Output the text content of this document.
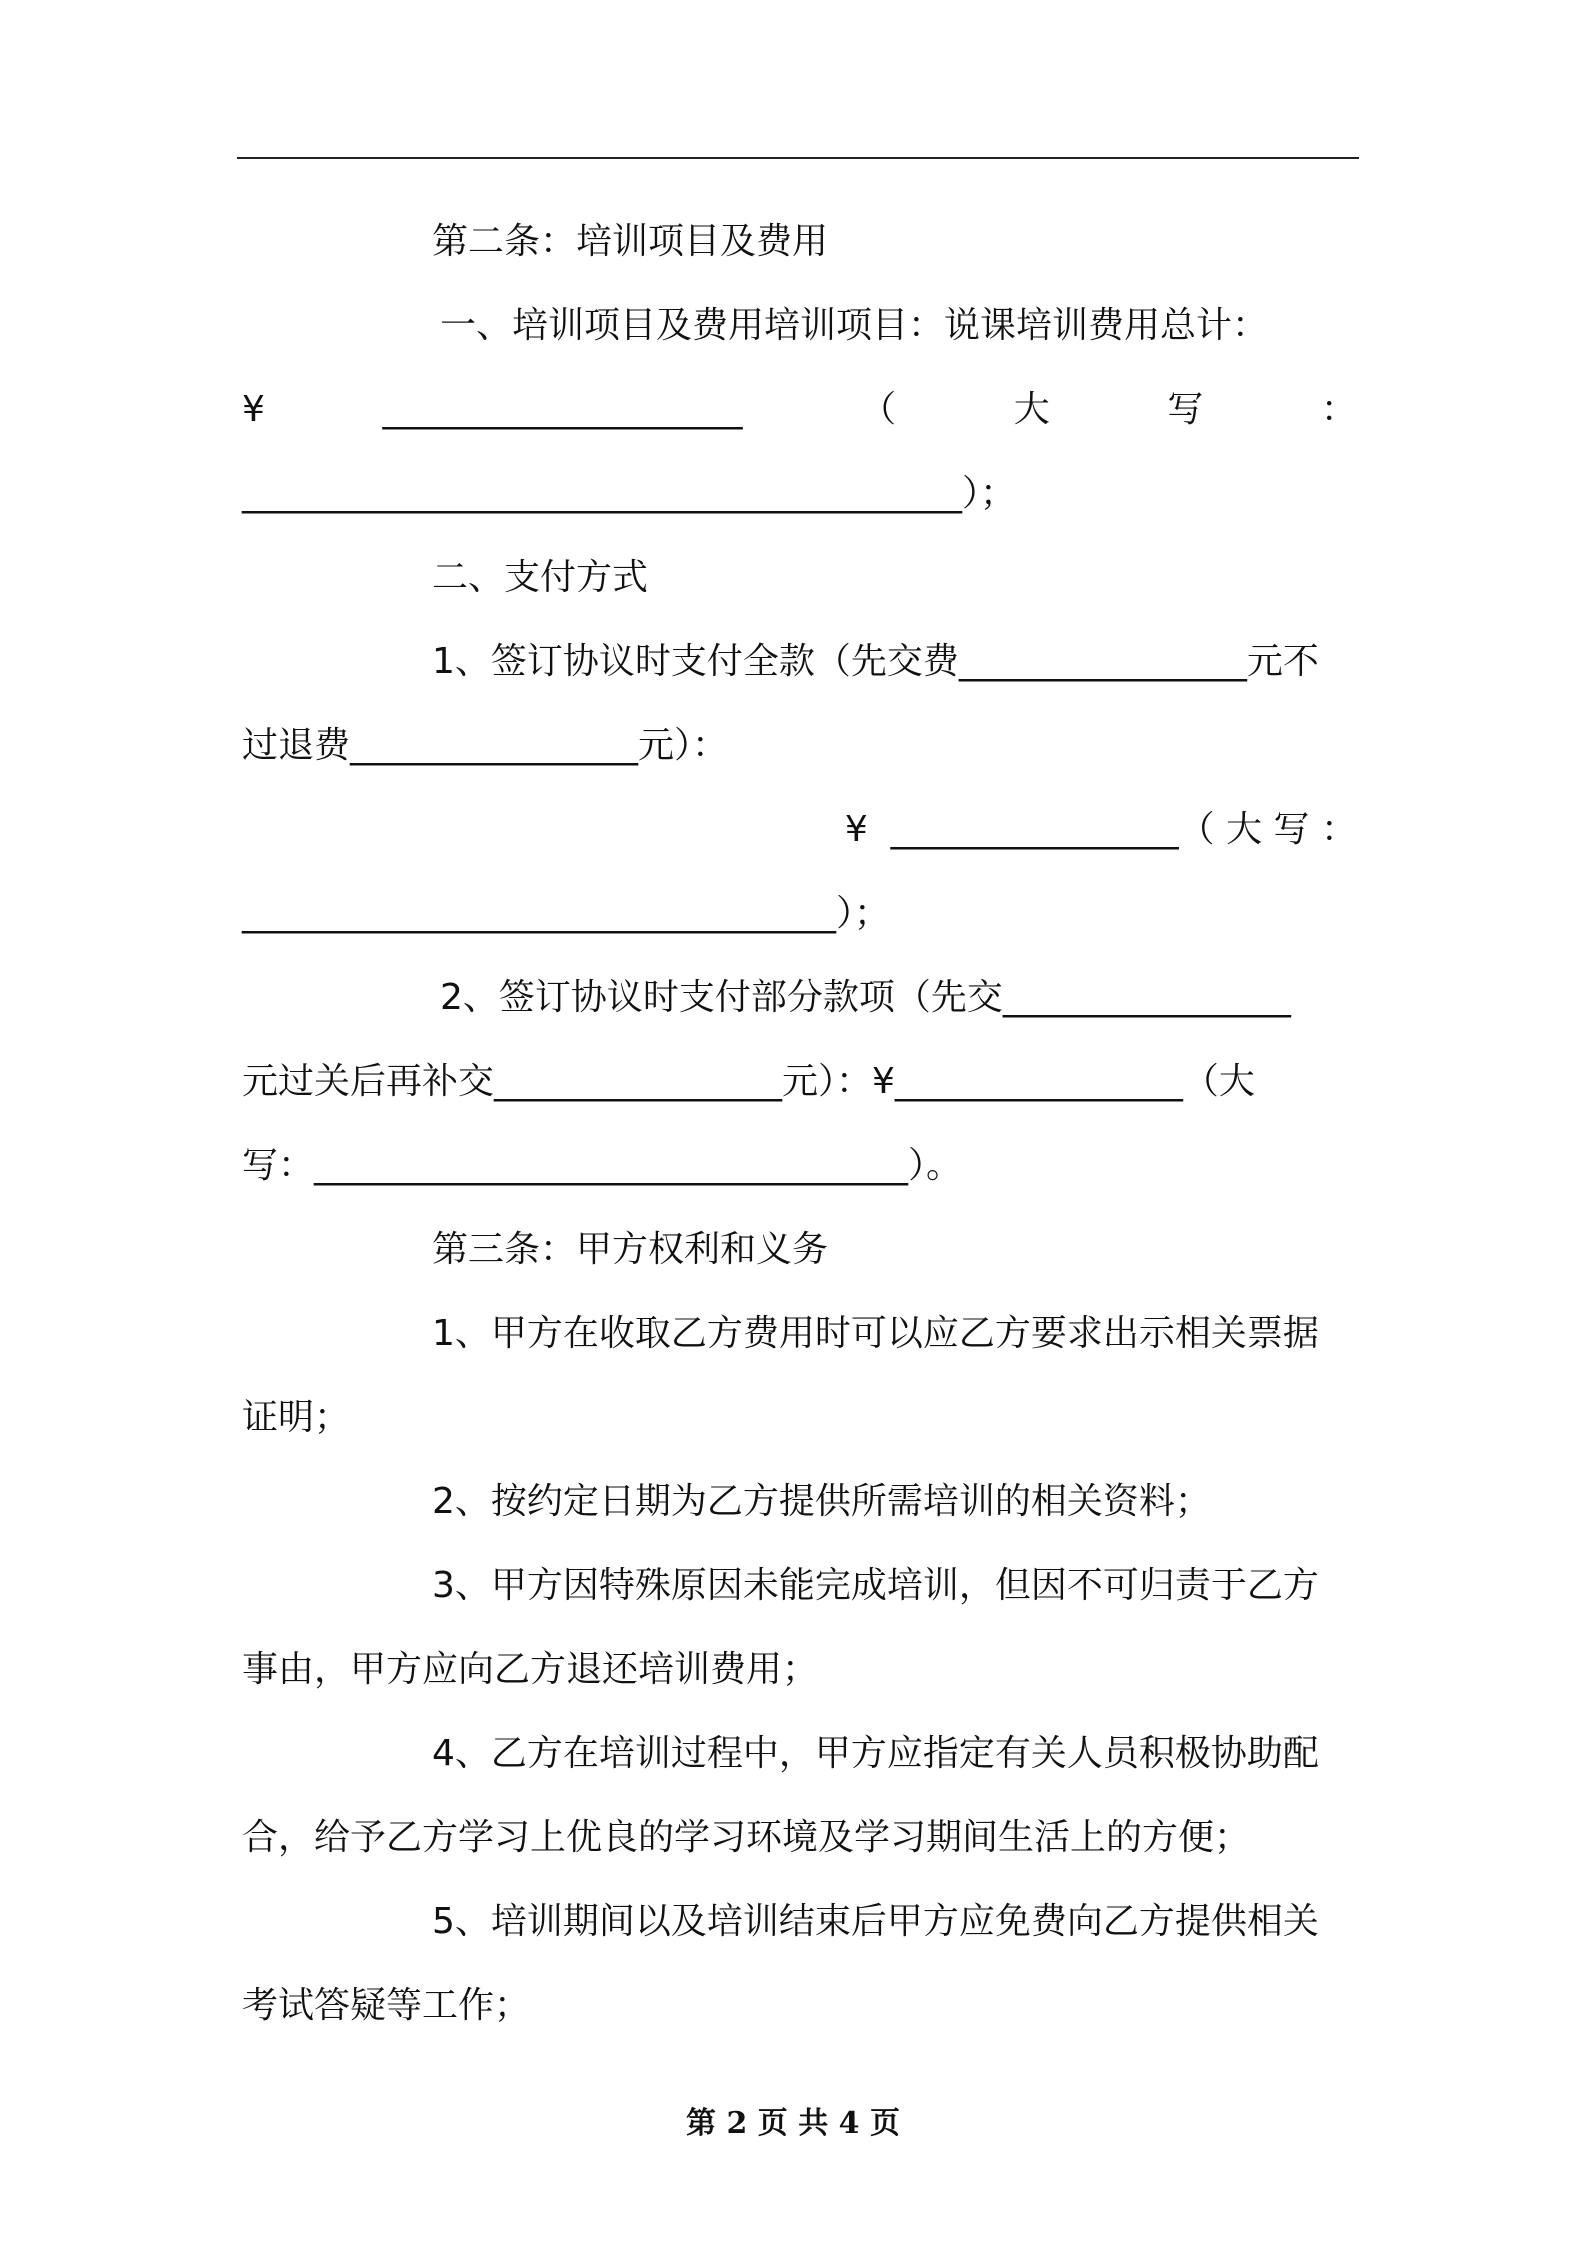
第二条：培训项目及费用
一、培训项目及费用培训项目：说课培训费用总计：
¥	____________________	（	大	写	：
________________________________________）；
二、支付方式
1、签订协议时支付全款（先交费________________元不
过退费________________元）：
¥  ________________（ 大 写 ：
_________________________________）；
2、签订协议时支付部分款项（先交________________
元过关后再补交________________元）：¥________________（大
写：_________________________________）。
第三条：甲方权利和义务
1、甲方在收取乙方费用时可以应乙方要求出示相关票据
证明；
2、按约定日期为乙方提供所需培训的相关资料；
3、甲方因特殊原因未能完成培训，但因不可归责于乙方
事由，甲方应向乙方退还培训费用；
4、乙方在培训过程中，甲方应指定有关人员积极协助配
合，给予乙方学习上优良的学习环境及学习期间生活上的方便；
5、培训期间以及培训结束后甲方应免费向乙方提供相关
考试答疑等工作；
第 2 页 共 4 页
